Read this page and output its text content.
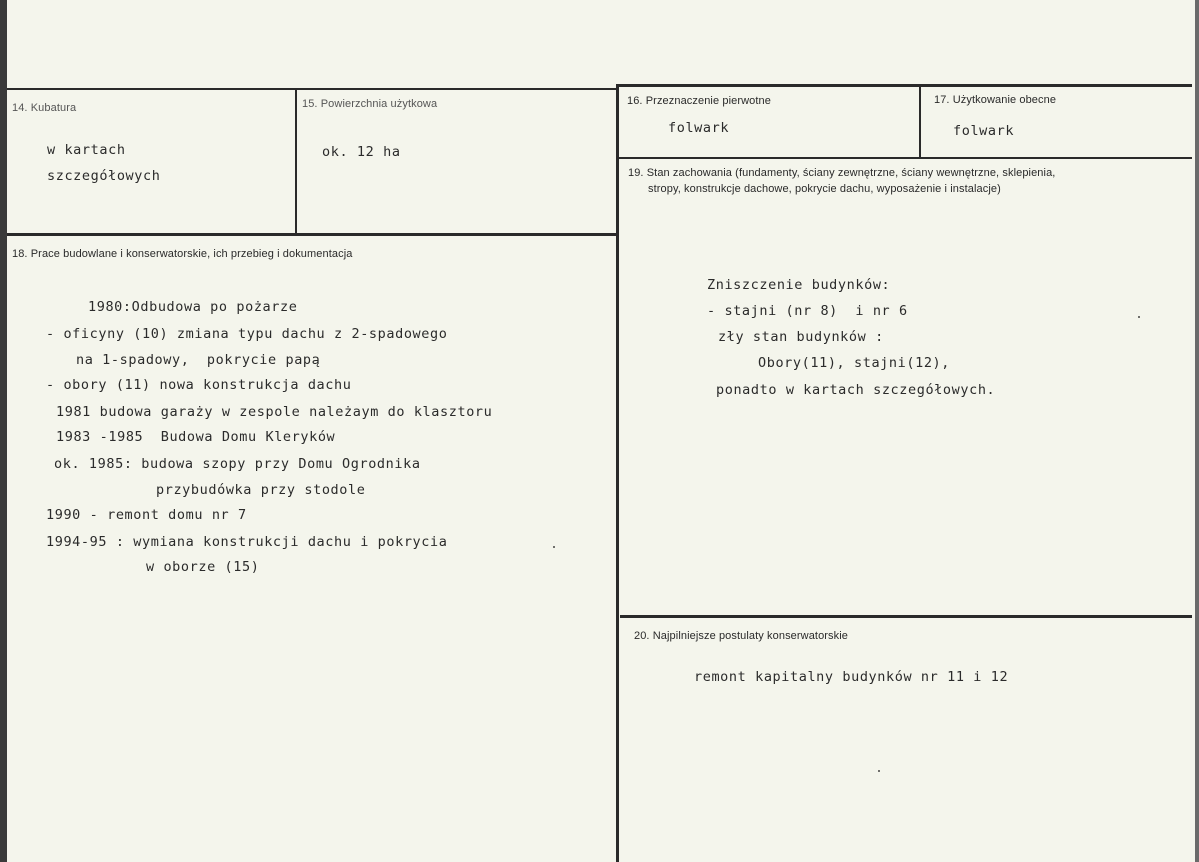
14. Kubatura
w kartach
szczegółowych
15. Powierzchnia użytkowa
ok. 12 ha
16. Przeznaczenie pierwotne
folwark
17. Użytkowanie obecne
folwark
18. Prace budowlane i konserwatorskie, ich przebieg i dokumentacja
1980:Odbudowa po pożarze
- oficyny (10) zmiana typu dachu z 2-spadowego
na 1-spadowy,  pokrycie papą
- obory (11) nowa konstrukcja dachu
1981 budowa garaży w zespole należaym do klasztoru
1983 -1985  Budowa Domu Kleryków
ok. 1985: budowa szopy przy Domu Ogrodnika
przybudówka przy stodole
1990 - remont domu nr 7
1994-95 : wymiana konstrukcji dachu i pokrycia
w oborze (15)
19. Stan zachowania (fundamenty, ściany zewnętrzne, ściany wewnętrzne, sklepienia,
stropy, konstrukcje dachowe, pokrycie dachu, wyposażenie i instalacje)
Zniszczenie budynków:
- stajni (nr 8)  i nr 6
zły stan budynków :
Obory(11), stajni(12),
ponadto w kartach szczegółowych.
20. Najpilniejsze postulaty konserwatorskie
remont kapitalny budynków nr 11 i 12
